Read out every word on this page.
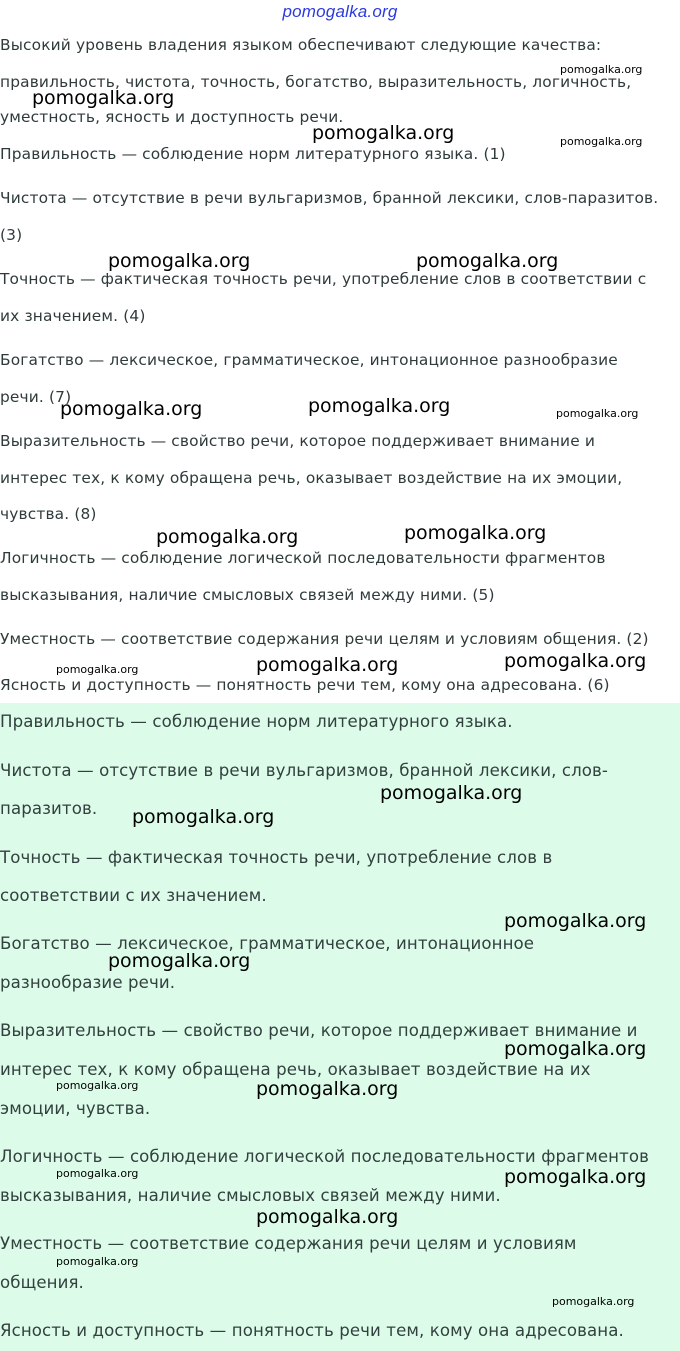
pomogalka.org
Высокий уровень владения языком обеспечивают следующие качества:
правильность, чистота, точность, богатство, выразительность, логичность,
уместность, ясность и доступность речи.
Правильность — соблюдение норм литературного языка. (1)
Чистота — отсутствие в речи вульгаризмов, бранной лексики, слов-паразитов.
(3)
Точность — фактическая точность речи, употребление слов в соответствии с
их значением. (4)
Богатство — лексическое, грамматическое, интонационное разнообразие
речи. (7)
Выразительность — свойство речи, которое поддерживает внимание и
интерес тех, к кому обращена речь, оказывает воздействие на их эмоции,
чувства. (8)
Логичность — соблюдение логической последовательности фрагментов
высказывания, наличие смысловых связей между ними. (5)
Уместность — соответствие содержания речи целям и условиям общения. (2)
Ясность и доступность — понятность речи тем, кому она адресована. (6)
Правильность — соблюдение норм литературного языка.
Чистота — отсутствие в речи вульгаризмов, бранной лексики, слов-
паразитов.
Точность — фактическая точность речи, употребление слов в
соответствии с их значением.
Богатство — лексическое, грамматическое, интонационное
разнообразие речи.
Выразительность — свойство речи, которое поддерживает внимание и
интерес тех, к кому обращена речь, оказывает воздействие на их
эмоции, чувства.
Логичность — соблюдение логической последовательности фрагментов
высказывания, наличие смысловых связей между ними.
Уместность — соответствие содержания речи целям и условиям
общения.
Ясность и доступность — понятность речи тем, кому она адресована.
pomogalka.org
pomogalka.org
pomogalka.org	pomogalka.org
pomogalka.org	pomogalka.org
pomogalka.org	pomogalka.org	pomogalka.org
pomogalka.org	pomogalka.org
pomogalka.org	pomogalka.org	pomogalka.org
pomogalka.org
pomogalka.org
pomogalka.org
pomogalka.org
pomogalka.org
pomogalka.org	pomogalka.org
pomogalka.org	pomogalka.org
pomogalka.org
pomogalka.org
pomogalka.org
